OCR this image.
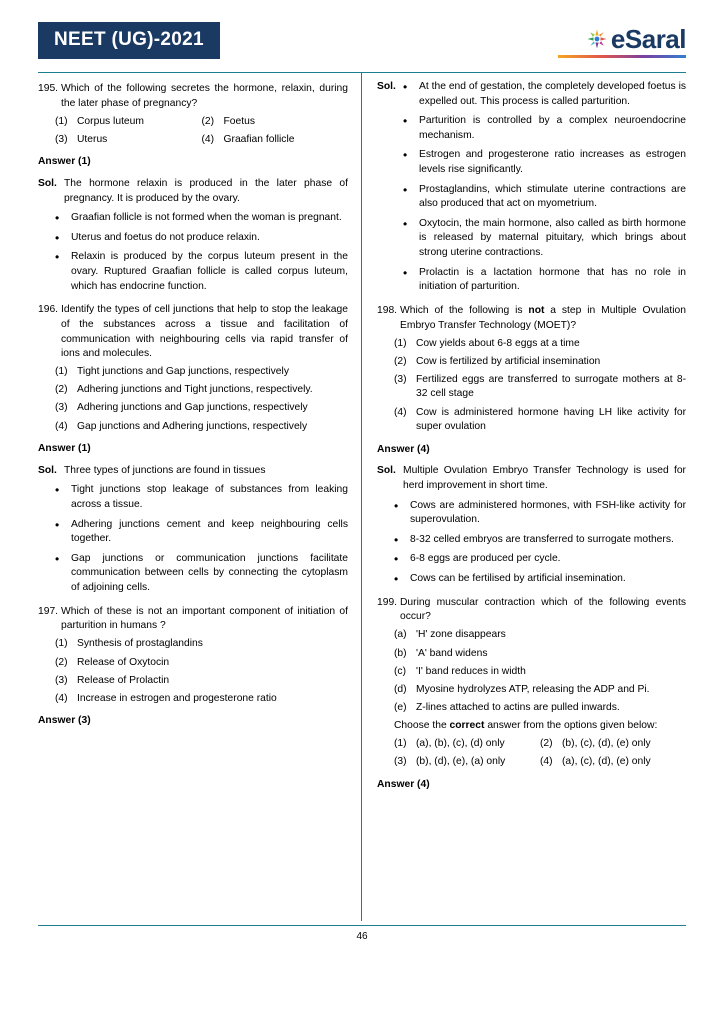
NEET (UG)-2021	eSaral
195. Which of the following secretes the hormone, relaxin, during the later phase of pregnancy?
(1) Corpus luteum	(2) Foetus
(3) Uterus	(4) Graafian follicle
Answer (1)
Sol. The hormone relaxin is produced in the later phase of pregnancy. It is produced by the ovary.
•	Graafian follicle is not formed when the woman is pregnant.
•	Uterus and foetus do not produce relaxin.
•	Relaxin is produced by the corpus luteum present in the ovary. Ruptured Graafian follicle is called corpus luteum, which has endocrine function.
196. Identify the types of cell junctions that help to stop the leakage of the substances across a tissue and facilitation of communication with neighbouring cells via rapid transfer of ions and molecules.
(1) Tight junctions and Gap junctions, respectively
(2) Adhering junctions and Tight junctions, respectively.
(3) Adhering junctions and Gap junctions, respectively
(4) Gap junctions and Adhering junctions, respectively
Answer (1)
Sol. Three types of junctions are found in tissues
•	Tight junctions stop leakage of substances from leaking across a tissue.
•	Adhering junctions cement and keep neighbouring cells together.
•	Gap junctions or communication junctions facilitate communication between cells by connecting the cytoplasm of adjoining cells.
197. Which of these is not an important component of initiation of parturition in humans ?
(1) Synthesis of prostaglandins
(2) Release of Oxytocin
(3) Release of Prolactin
(4) Increase in estrogen and progesterone ratio
Answer (3)
Sol. •	At the end of gestation, the completely developed foetus is expelled out. This process is called parturition.
•	Parturition is controlled by a complex neuroendocrine mechanism.
•	Estrogen and progesterone ratio increases as estrogen levels rise significantly.
•	Prostaglandins, which stimulate uterine contractions are also produced that act on myometrium.
•	Oxytocin, the main hormone, also called as birth hormone is released by maternal pituitary, which brings about strong uterine contractions.
•	Prolactin is a lactation hormone that has no role in initiation of parturition.
198. Which of the following is not a step in Multiple Ovulation Embryo Transfer Technology (MOET)?
(1) Cow yields about 6-8 eggs at a time
(2) Cow is fertilized by artificial insemination
(3) Fertilized eggs are transferred to surrogate mothers at 8-32 cell stage
(4) Cow is administered hormone having LH like activity for super ovulation
Answer (4)
Sol. Multiple Ovulation Embryo Transfer Technology is used for herd improvement in short time.
•	Cows are administered hormones, with FSH-like activity for superovulation.
•	8-32 celled embryos are transferred to surrogate mothers.
•	6-8 eggs are produced per cycle.
•	Cows can be fertilised by artificial insemination.
199. During muscular contraction which of the following events occur?
(a) 'H' zone disappears
(b) 'A' band widens
(c) 'I' band reduces in width
(d) Myosine hydrolyzes ATP, releasing the ADP and Pi.
(e) Z-lines attached to actins are pulled inwards.
Choose the correct answer from the options given below:
(1) (a), (b), (c), (d) only	(2) (b), (c), (d), (e) only
(3) (b), (d), (e), (a) only	(4) (a), (c), (d), (e) only
Answer (4)
46
